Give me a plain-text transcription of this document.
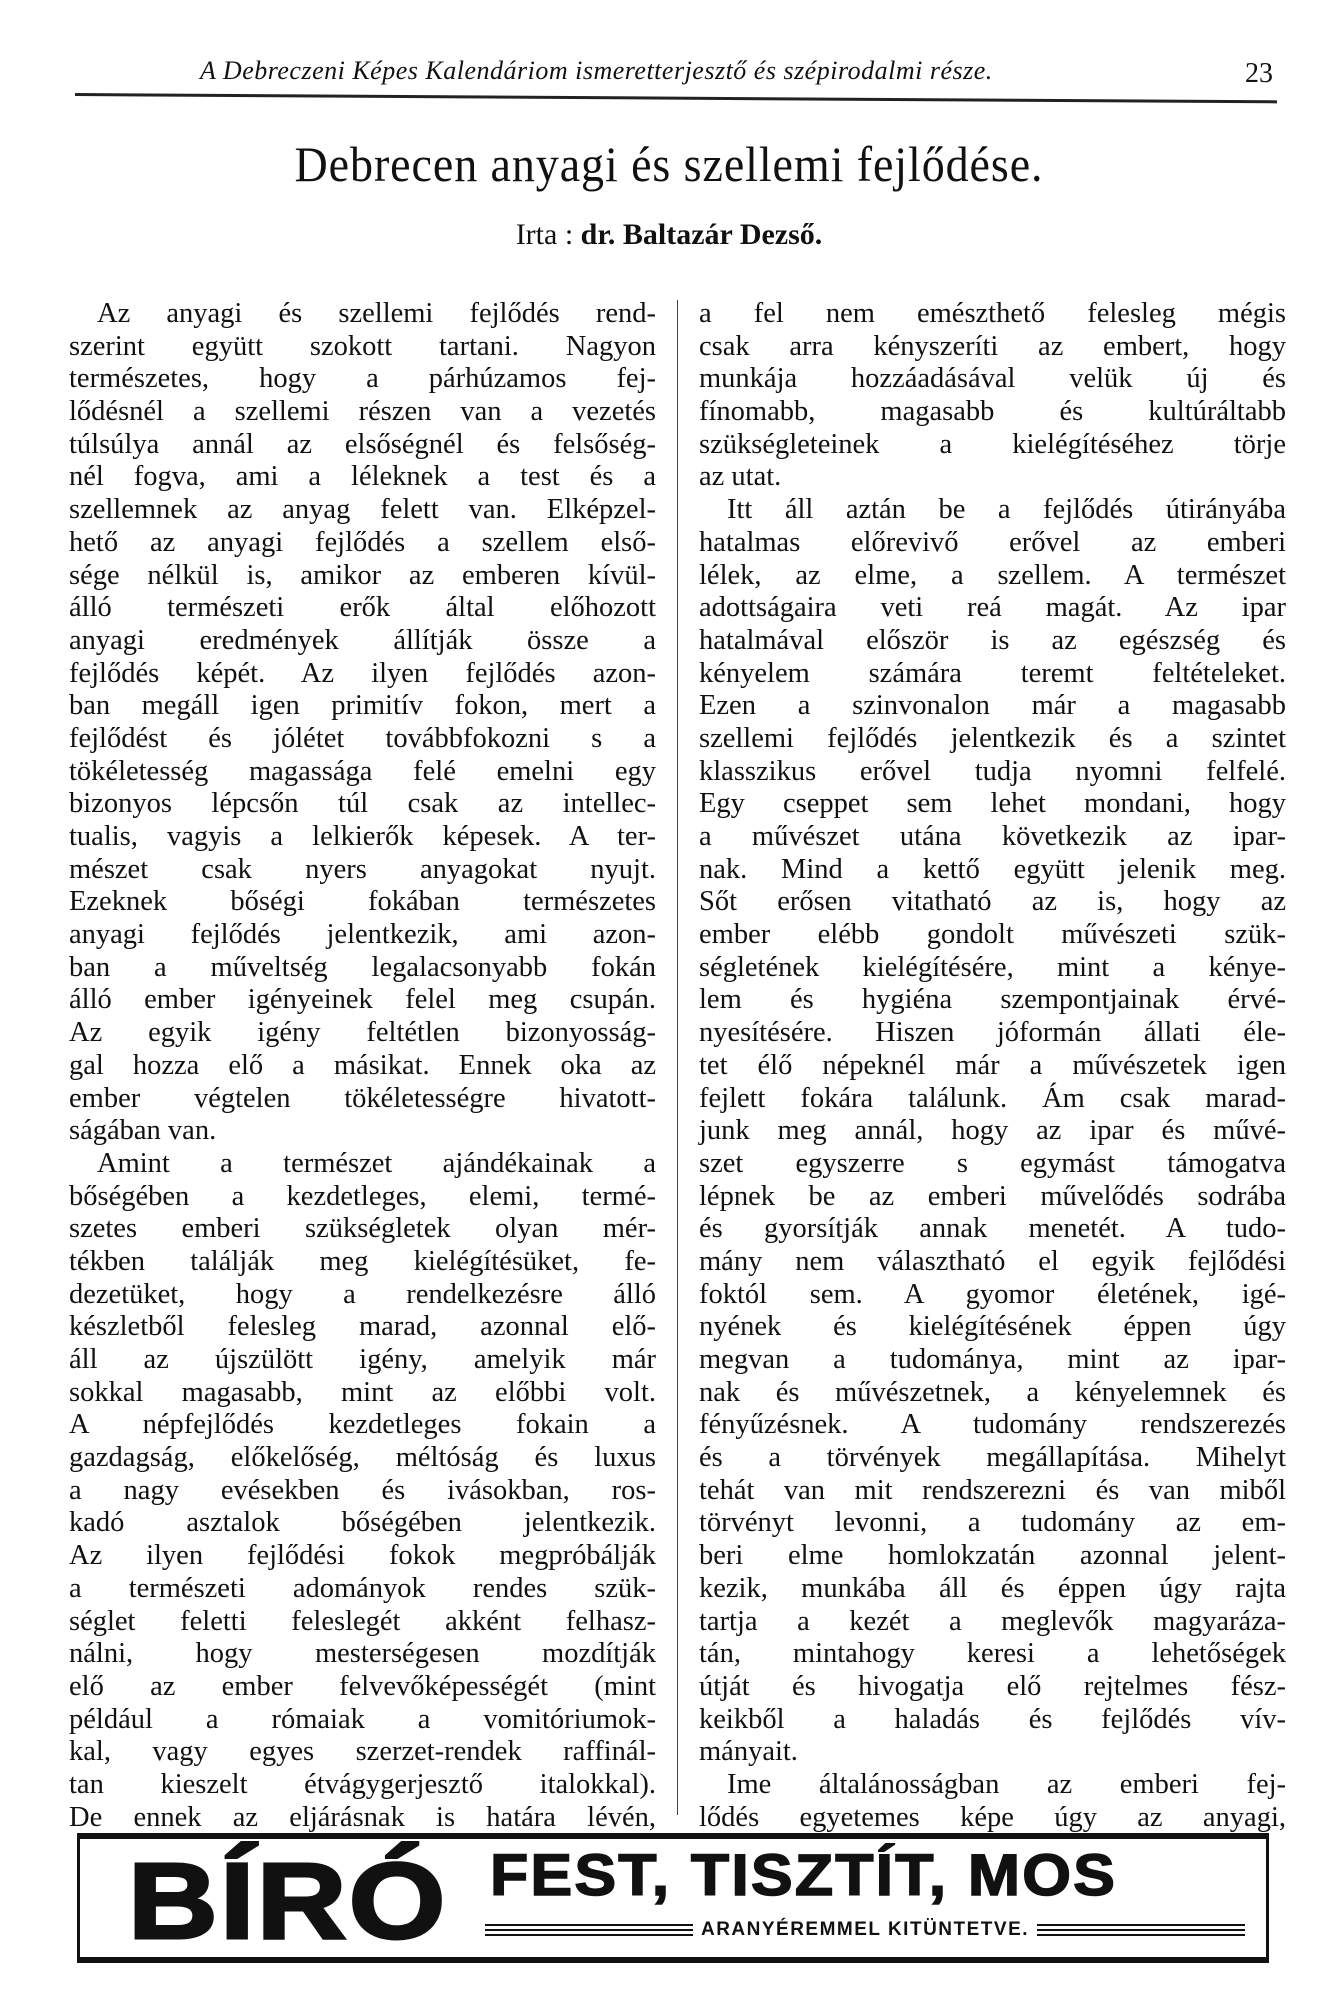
A Debreczeni Képes Kalendáriom ismeretterjesztő és szépirodalmi része.	23
Debrecen anyagi és szellemi fejlődése.
Irta : dr. Baltazár Dezső.
Az anyagi és szellemi fejlődés rend-
szerint együtt szokott tartani. Nagyon
természetes, hogy a párhúzamos fej-
lődésnél a szellemi részen van a vezetés
túlsúlya annál az elsőségnél és felsőség-
nél fogva, ami a léleknek a test és a
szellemnek az anyag felett van. Elképzel-
hető az anyagi fejlődés a szellem első-
sége nélkül is, amikor az emberen kívül-
álló természeti erők által előhozott
anyagi eredmények állítják össze a
fejlődés képét. Az ilyen fejlődés azon-
ban megáll igen primitív fokon, mert a
fejlődést és jólétet továbbfokozni s a
tökéletesség magassága felé emelni egy
bizonyos lépcsőn túl csak az intellec-
tualis, vagyis a lelkierők képesek. A ter-
mészet csak nyers anyagokat nyujt.
Ezeknek bőségi fokában természetes
anyagi fejlődés jelentkezik, ami azon-
ban a műveltség legalacsonyabb fokán
álló ember igényeinek felel meg csupán.
Az egyik igény feltétlen bizonyosság-
gal hozza elő a másikat. Ennek oka az
ember végtelen tökéletességre hivatott-
ságában van.
Amint a természet ajándékainak a
bőségében a kezdetleges, elemi, termé-
szetes emberi szükségletek olyan mér-
tékben találják meg kielégítésüket, fe-
dezetüket, hogy a rendelkezésre álló
készletből felesleg marad, azonnal elő-
áll az újszülött igény, amelyik már
sokkal magasabb, mint az előbbi volt.
A népfejlődés kezdetleges fokain a
gazdagság, előkelőség, méltóság és luxus
a nagy evésekben és ivásokban, ros-
kadó asztalok bőségében jelentkezik.
Az ilyen fejlődési fokok megpróbálják
a természeti adományok rendes szük-
séglet feletti feleslegét akként felhasz-
nálni, hogy mesterségesen mozdítják
elő az ember felvevőképességét (mint
például a rómaiak a vomitóriumok-
kal, vagy egyes szerzet-rendek raffinál-
tan kieszelt étvágygerjesztő italokkal).
De ennek az eljárásnak is határa lévén,
a fel nem emészthető felesleg mégis
csak arra kényszeríti az embert, hogy
munkája hozzáadásával velük új és
fínomabb, magasabb és kultúráltabb
szükségleteinek a kielégítéséhez törje
az utat.
Itt áll aztán be a fejlődés útirányába
hatalmas előrevivő erővel az emberi
lélek, az elme, a szellem. A természet
adottságaira veti reá magát. Az ipar
hatalmával először is az egészség és
kényelem számára teremt feltételeket.
Ezen a szinvonalon már a magasabb
szellemi fejlődés jelentkezik és a szintet
klasszikus erővel tudja nyomni felfelé.
Egy cseppet sem lehet mondani, hogy
a művészet utána következik az ipar-
nak. Mind a kettő együtt jelenik meg.
Sőt erősen vitatható az is, hogy az
ember elébb gondolt művészeti szük-
ségletének kielégítésére, mint a kénye-
lem és hygiéna szempontjainak érvé-
nyesítésére. Hiszen jóformán állati éle-
tet élő népeknél már a művészetek igen
fejlett fokára találunk. Ám csak marad-
junk meg annál, hogy az ipar és művé-
szet egyszerre s egymást támogatva
lépnek be az emberi művelődés sodrába
és gyorsítják annak menetét. A tudo-
mány nem választható el egyik fejlődési
foktól sem. A gyomor életének, igé-
nyének és kielégítésének éppen úgy
megvan a tudománya, mint az ipar-
nak és művészetnek, a kényelemnek és
fényűzésnek. A tudomány rendszerezés
és a törvények megállapítása. Mihelyt
tehát van mit rendszerezni és van miből
törvényt levonni, a tudomány az em-
beri elme homlokzatán azonnal jelent-
kezik, munkába áll és éppen úgy rajta
tartja a kezét a meglevők magyaráza-
tán, mintahogy keresi a lehetőségek
útját és hivogatja elő rejtelmes fész-
keikből a haladás és fejlődés vív-
mányait.
Ime általánosságban az emberi fej-
lődés egyetemes képe úgy az anyagi,
BÍRÓ FEST, TISZTÍT, MOS
ARANYÉREMMEL KITÜNTETVE.
